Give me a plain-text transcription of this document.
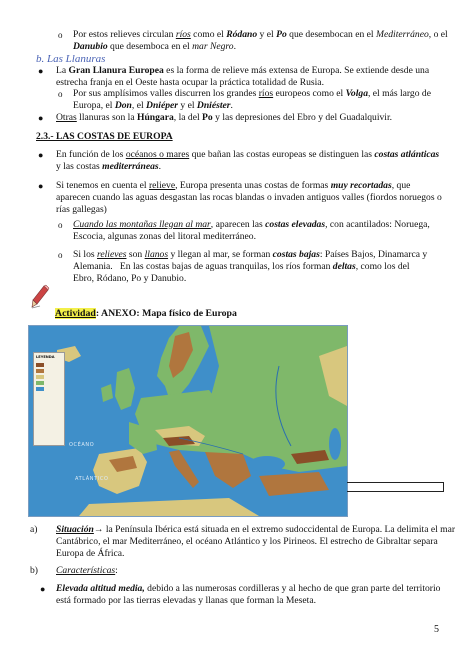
o Por estos relieves circulan ríos como el Ródano y el Po que desembocan en el Mediterráneo, o el
Danubio que desemboca en el mar Negro.
b. Las Llanuras
● La Gran Llanura Europea es la forma de relieve más extensa de Europa. Se extiende desde una
estrecha franja en el Oeste hasta ocupar la práctica totalidad de Rusia.
o Por sus amplísimos valles discurren los grandes ríos europeos como el Volga, el más largo de
Europa, el Don, el Dniéper y el Dniéster.
● Otras llanuras son la Húngara, la del Po y las depresiones del Ebro y del Guadalquivir.
2.3.- LAS COSTAS DE EUROPA
● En función de los océanos o mares que bañan las costas europeas se distinguen las costas atlánticas
y las costas mediterráneas.
● Si tenemos en cuenta el relieve, Europa presenta unas costas de formas muy recortadas, que
aparecen cuando las aguas desgastan las rocas blandas o invaden antiguos valles (fiordos noruegos o
rías gallegas)
o Cuando las montañas llegan al mar, aparecen las costas elevadas, con acantilados: Noruega,
Escocia, algunas zonas del litoral mediterráneo.
o Si los relieves son llanos y llegan al mar, se forman costas bajas: Países Bajos, Dinamarca y
Alemania. En las costas bajas de aguas tranquilas, los ríos forman deltas, como los del
Ebro, Ródano, Po y Danubio.
Actividad: ANEXO: Mapa físico de Europa
LEYENDA
OCÉANO
ATLÁNTICO
a) Situación→ la Península Ibérica está situada en el extremo sudoccidental de Europa. La delimita el mar
Cantábrico, el mar Mediterráneo, el océano Atlántico y los Pirineos. El estrecho de Gibraltar separa
Europa de África.
b) Características:
● Elevada altitud media, debido a las numerosas cordilleras y al hecho de que gran parte del territorio
está formado por las tierras elevadas y llanas que forman la Meseta.
5
